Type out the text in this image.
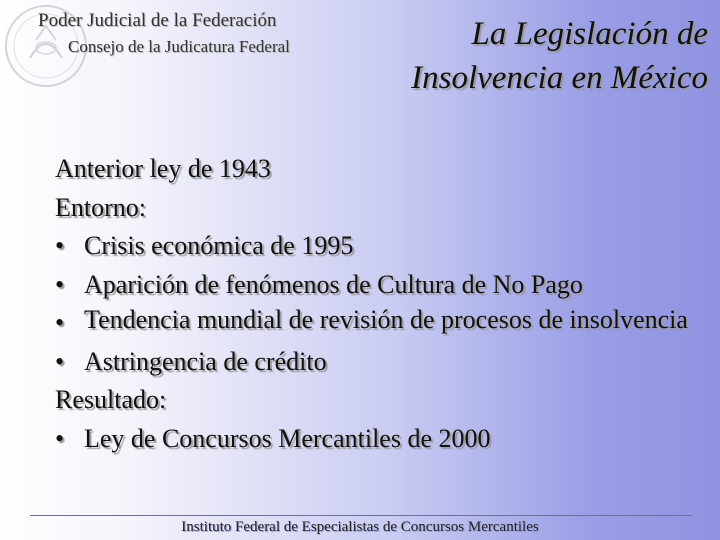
Poder Judicial de la Federación
Consejo de la Judicatura Federal	La Legislación de
Insolvencia en México
Anterior ley de 1943
Entorno:
• Crisis económica de 1995
• Aparición de fenómenos de Cultura de No Pago
• Tendencia mundial de revisión de procesos de insolvencia
• Astringencia de crédito
Resultado:
• Ley de Concursos Mercantiles de 2000
Instituto Federal de Especialistas de Concursos Mercantiles
